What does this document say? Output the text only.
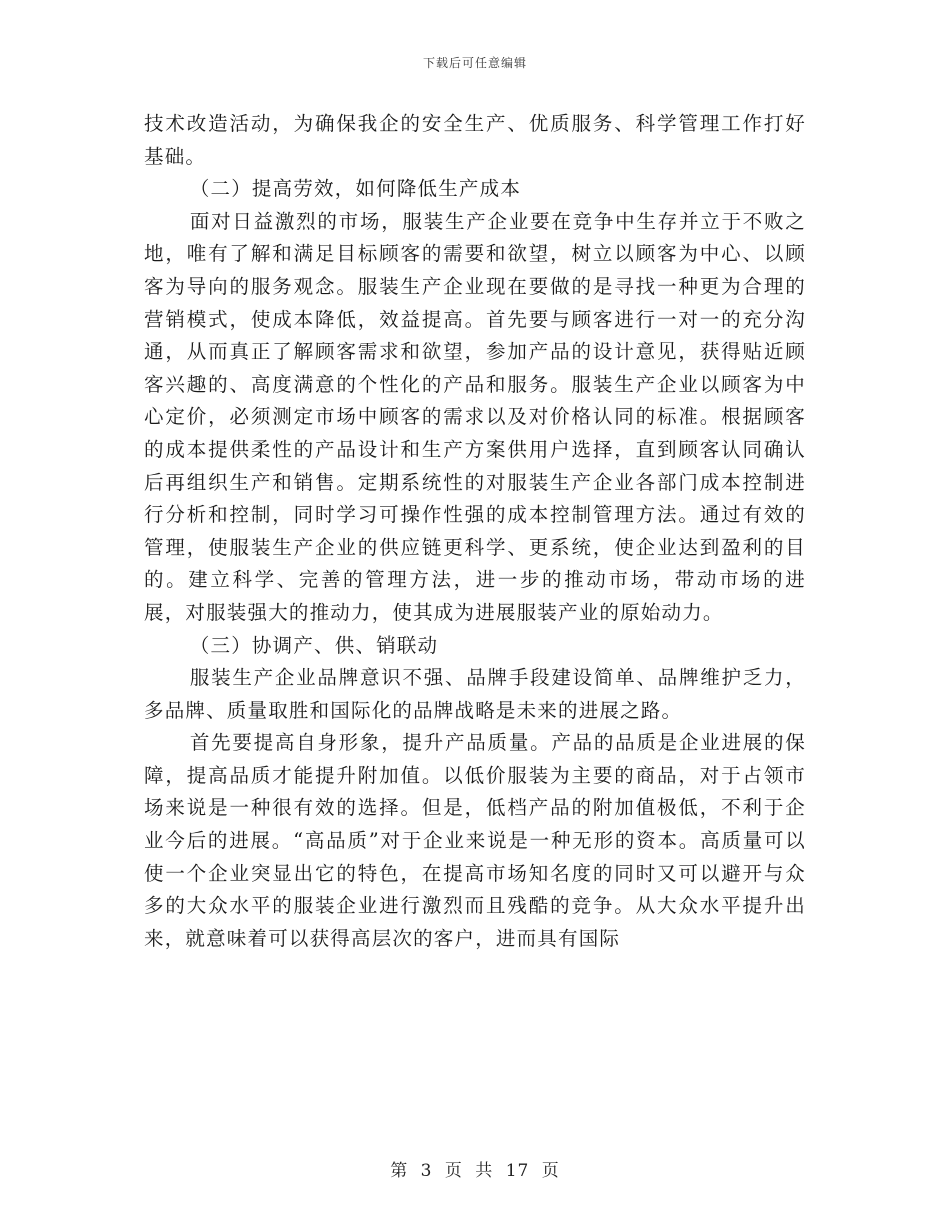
下载后可任意编辑

技术改造活动，为确保我企的安全生产、优质服务、科学管理工作打好基础。

（二）提高劳效，如何降低生产成本

面对日益激烈的市场，服装生产企业要在竞争中生存并立于不败之地，唯有了解和满足目标顾客的需要和欲望，树立以顾客为中心、以顾客为导向的服务观念。服装生产企业现在要做的是寻找一种更为合理的营销模式，使成本降低，效益提高。首先要与顾客进行一对一的充分沟通，从而真正了解顾客需求和欲望，参加产品的设计意见，获得贴近顾客兴趣的、高度满意的个性化的产品和服务。服装生产企业以顾客为中心定价，必须测定市场中顾客的需求以及对价格认同的标准。根据顾客的成本提供柔性的产品设计和生产方案供用户选择，直到顾客认同确认后再组织生产和销售。定期系统性的对服装生产企业各部门成本控制进行分析和控制，同时学习可操作性强的成本控制管理方法。通过有效的管理，使服装生产企业的供应链更科学、更系统，使企业达到盈利的目的。建立科学、完善的管理方法，进一步的推动市场，带动市场的进展，对服装强大的推动力，使其成为进展服装产业的原始动力。

（三）协调产、供、销联动

服装生产企业品牌意识不强、品牌手段建设简单、品牌维护乏力，多品牌、质量取胜和国际化的品牌战略是未来的进展之路。

首先要提高自身形象，提升产品质量。产品的品质是企业进展的保障，提高品质才能提升附加值。以低价服装为主要的商品，对于占领市场来说是一种很有效的选择。但是，低档产品的附加值极低，不利于企业今后的进展。“高品质”对于企业来说是一种无形的资本。高质量可以使一个企业突显出它的特色，在提高市场知名度的同时又可以避开与众多的大众水平的服装企业进行激烈而且残酷的竞争。从大众水平提升出来，就意味着可以获得高层次的客户，进而具有国际

第 3 页 共 17 页
